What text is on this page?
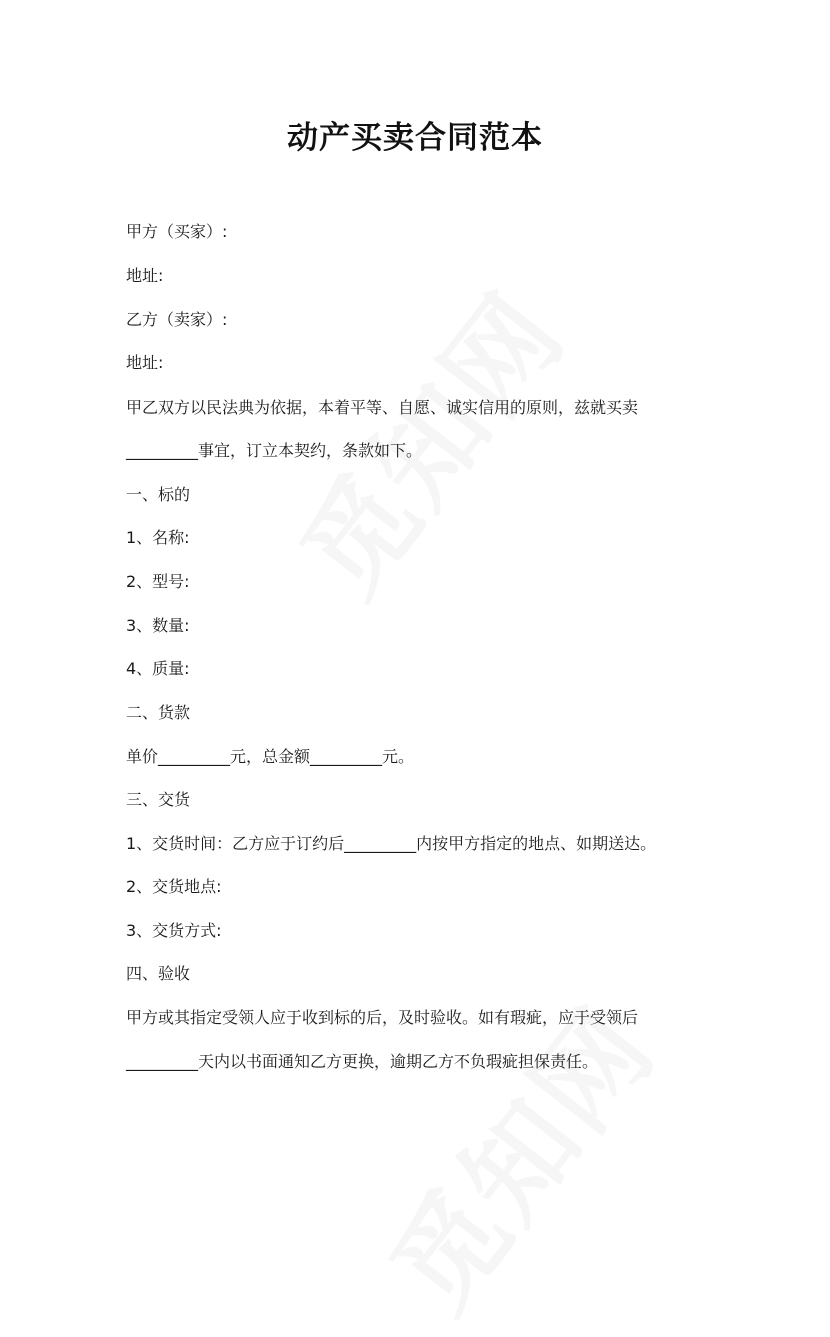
动产买卖合同范本
甲方（买家）:
地址:
乙方（卖家）:
地址:
甲乙双方以民法典为依据，本着平等、自愿、诚实信用的原则，兹就买卖
_________事宜，订立本契约，条款如下。
一、标的
1、名称:
2、型号:
3、数量:
4、质量:
二、货款
单价_________元，总金额_________元。
三、交货
1、交货时间：乙方应于订约后_________内按甲方指定的地点、如期送达。
2、交货地点:
3、交货方式:
四、验收
甲方或其指定受领人应于收到标的后，及时验收。如有瑕疵，应于受领后
_________天内以书面通知乙方更换，逾期乙方不负瑕疵担保责任。
